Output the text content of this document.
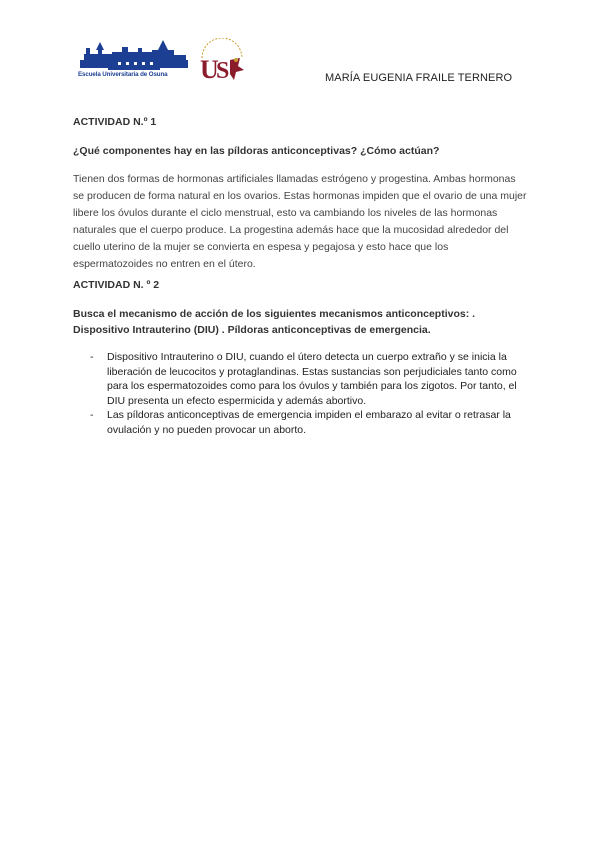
Escuela Universitaria de Osuna	U
S	MARÍA EUGENIA FRAILE TERNERO
ACTIVIDAD N.º 1
¿Qué componentes hay en las píldoras anticonceptivas? ¿Cómo actúan?

Tienen dos formas de hormonas artificiales llamadas estrógeno y progestina. Ambas hormonas se producen de forma natural en los ovarios. Estas hormonas impiden que el ovario de una mujer libere los óvulos durante el ciclo menstrual, esto va cambiando los niveles de las hormonas naturales que el cuerpo produce. La progestina además hace que la mucosidad alrededor del cuello uterino de la mujer se convierta en espesa y pegajosa y esto hace que los espermatozoides no entren en el útero.

ACTIVIDAD N. º 2
Busca el mecanismo de acción de los siguientes mecanismos anticonceptivos: . Dispositivo Intrauterino (DIU) . Píldoras anticonceptivas de emergencia.

- Dispositivo Intrauterino o DIU, cuando el útero detecta un cuerpo extraño y se inicia la liberación de leucocitos y protaglandinas. Estas sustancias son perjudiciales tanto como para los espermatozoides como para los óvulos y también para los zigotos. Por tanto, el DIU presenta un efecto espermicida y además abortivo.

- Las píldoras anticonceptivas de emergencia impiden el embarazo al evitar o retrasar la ovulación y no pueden provocar un aborto.
